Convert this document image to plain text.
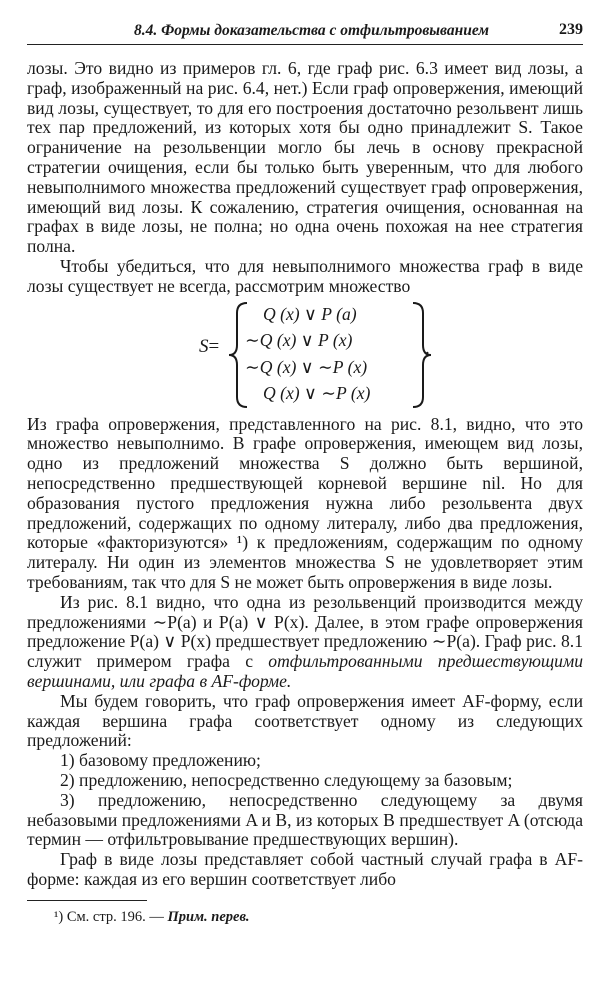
8.4. Формы доказательства с отфильтровыванием	239

лозы. Это видно из примеров гл. 6, где граф рис. 6.3 имеет вид лозы, а граф, изображенный на рис. 6.4, нет.) Если граф опровержения, имеющий вид лозы, существует, то для его построения достаточно резольвент лишь тех пар предложений, из которых хотя бы одно принадлежит S. Такое ограничение на резольвенции могло бы лечь в основу прекрасной стратегии очищения, если бы только быть уверенным, что для любого невыполнимого множества предложений существует граф опровержения, имеющий вид лозы. К сожалению, стратегия очищения, основанная на графах в виде лозы, не полна; но одна очень похожая на нее стратегия полна.

Чтобы убедиться, что для невыполнимого множества граф в виде лозы существует не всегда, рассмотрим множество

S=
Q (x) ∨ P (a)
∼Q (x) ∨ P (x)
∼Q (x) ∨ ∼P (x)
Q (x) ∨ ∼P (x)
.

Из графа опровержения, представленного на рис. 8.1, видно, что это множество невыполнимо. В графе опровержения, имеющем вид лозы, одно из предложений множества S должно быть вершиной, непосредственно предшествующей корневой вершине nil. Но для образования пустого предложения нужна либо резольвента двух предложений, содержащих по одному литералу, либо два предложения, которые «факторизуются» ¹) к предложениям, содержащим по одному литералу. Ни один из элементов множества S не удовлетворяет этим требованиям, так что для S не может быть опровержения в виде лозы.

Из рис. 8.1 видно, что одна из резольвенций производится между предложениями ∼P(a) и P(a) ∨ P(x). Далее, в этом графе опровержения предложение P(a) ∨ P(x) предшествует предложению ∼P(a). Граф рис. 8.1 служит примером графа с отфильтрованными предшествующими вершинами, или графа в AF-форме.

Мы будем говорить, что граф опровержения имеет AF-форму, если каждая вершина графа соответствует одному из следующих предложений:

1) базовому предложению;

2) предложению, непосредственно следующему за базовым;

3) предложению, непосредственно следующему за двумя небазовыми предложениями A и B, из которых B предшествует A (отсюда термин — отфильтровывание предшествующих вершин).

Граф в виде лозы представляет собой частный случай графа в AF-форме: каждая из его вершин соответствует либо

¹) См. стр. 196. — Прим. перев.
